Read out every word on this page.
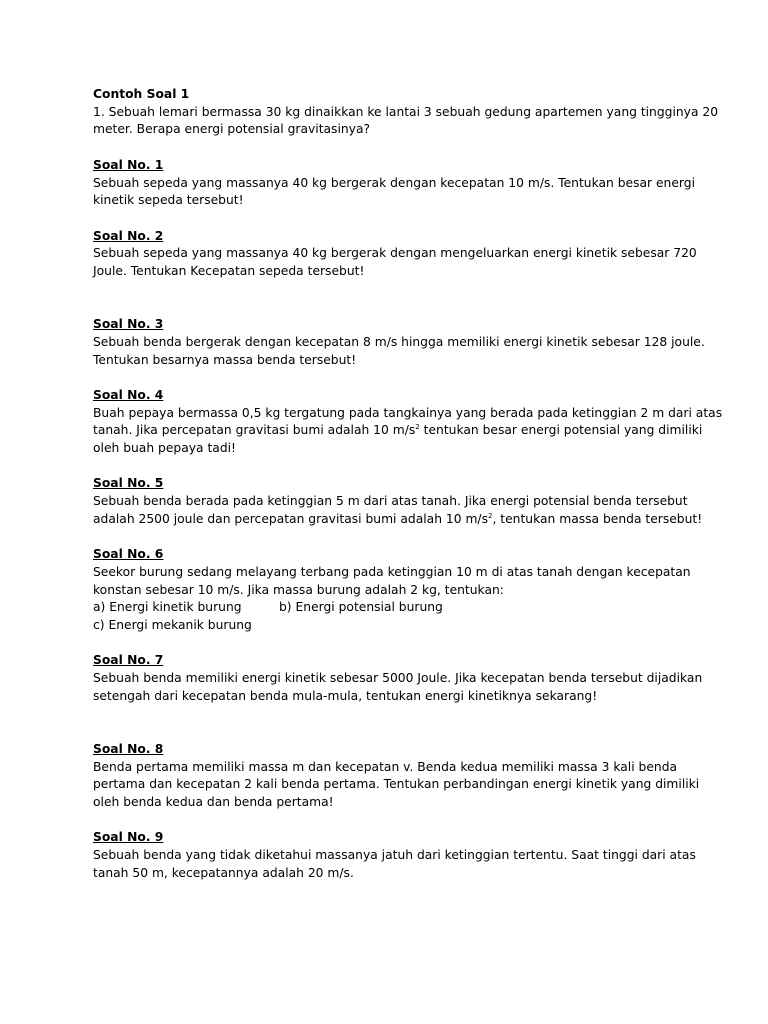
Contoh Soal 1
1. Sebuah lemari bermassa 30 kg dinaikkan ke lantai 3 sebuah gedung apartemen yang tingginya 20
meter. Berapa energi potensial gravitasinya?
Soal No. 1
Sebuah sepeda yang massanya 40 kg bergerak dengan kecepatan 10 m/s. Tentukan besar energi
kinetik sepeda tersebut!
Soal No. 2
Sebuah sepeda yang massanya 40 kg bergerak dengan mengeluarkan energi kinetik sebesar 720
Joule. Tentukan Kecepatan sepeda tersebut!
Soal No. 3
Sebuah benda bergerak dengan kecepatan 8 m/s hingga memiliki energi kinetik sebesar 128 joule.
Tentukan besarnya massa benda tersebut!
Soal No. 4
Buah pepaya bermassa 0,5 kg tergatung pada tangkainya yang berada pada ketinggian 2 m dari atas
tanah. Jika percepatan gravitasi bumi adalah 10 $m/s^2$ tentukan besar energi potensial yang dimiliki
oleh buah pepaya tadi!
Soal No. 5
Sebuah benda berada pada ketinggian 5 m dari atas tanah. Jika energi potensial benda tersebut
adalah 2500 joule dan percepatan gravitasi bumi adalah 10 $m/s^2$, tentukan massa benda tersebut!
Soal No. 6
Seekor burung sedang melayang terbang pada ketinggian 10 m di atas tanah dengan kecepatan
konstan sebesar 10 m/s. Jika massa burung adalah 2 kg, tentukan:
a) Energi kinetik burung	b) Energi potensial burung
c) Energi mekanik burung
Soal No. 7
Sebuah benda memiliki energi kinetik sebesar 5000 Joule. Jika kecepatan benda tersebut dijadikan
setengah dari kecepatan benda mula-mula, tentukan energi kinetiknya sekarang!
Soal No. 8
Benda pertama memiliki massa m dan kecepatan v. Benda kedua memiliki massa 3 kali benda
pertama dan kecepatan 2 kali benda pertama. Tentukan perbandingan energi kinetik yang dimiliki
oleh benda kedua dan benda pertama!
Soal No. 9
Sebuah benda yang tidak diketahui massanya jatuh dari ketinggian tertentu. Saat tinggi dari atas
tanah 50 m, kecepatannya adalah 20 m/s.
